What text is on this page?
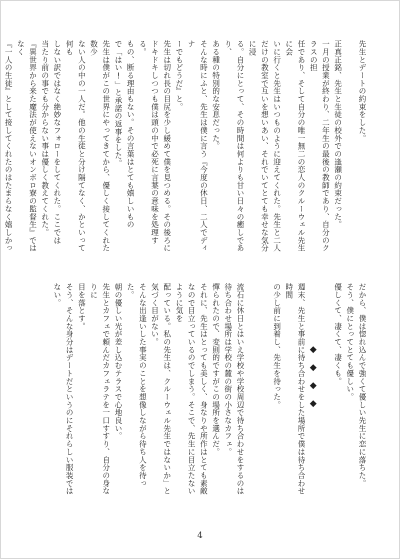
先生とデートの約束をした。

正真正銘、先生と生徒の校外での逢瀬の約束だった。
一月の授業が終わり、二年生の最後の教師であり、自分のクラスの担
任であり、そして自分の唯一無二の恋人のクルーウェル先生に会
いに行くと先生はいつものように迎えてくれた。先生と二人
だけの教室で互いを想いあい、それでいてとても幸せな気分に浸
る。自分にとって、その時間は何よりも甘い日々の癒しであり、
ある種の特別的な安息だった。
そんな時にふと、先生は僕に言う『今度の休日、二人でディナ
ーでもどうだ』と。
先生は切れ長の目尻を少し緩めて僕を見つめる。その後ろに
ドキドキしつつも僕は頭の中で必死に言葉の意味を処理する。
もの、断る理由もない。その言葉はとても嬉しいもの
で「はい!」と承諾の返事をした。
先生は僕がこの世界にやってきてから、優しく接してくれた数少
ない人の中の一人だ。他の生徒と分け隔てなく、かといって何も
しない訳ではなく絶妙なフォローをしてくれた。ここでは
当たり前の事でも分からない事は優しく教えてくれた。
『異世界から来た魔法が使えないオンボロ寮の監督生』ではなく
『一人の生徒』として接してくれたのはたまらなく嬉しかっ
だから、僕は惚れ込んで強くて優しい先生に恋に落ちた。
そう、僕にとってとても優しい。
優しくて、凄くて、凄くも。

◆◆◆◆
週末、先生と事前に待ち合わせをした場所で僕は待ち合わせ時間
の少し前に到着し、先生を待った。

流石に休日とはいえ学校や学校周辺で待ち合わせをするのは
待ち合わせ場所は学校の麓の街の小さなカフェ。
憚られたので、変則的ですがこの場所を選んだ。
それに、先生はとっても美しく、身なりや所作はとても素敵
なので目立っているのでしまう。そこで、先生に目立たないように気を
配っている。私の先生は、クルーウェル先生ではないか」と
気づく目がない。
そんな出逢いした事実のことを想像しながら待ち人を待った。
朝の優しい光が差し込むテラスで心地良い。
先生とカフェで頼んだカフェラテを一口すすり、自分の身なりに
目を落とす。
そう、そんな身分はデートだというのにそれらしい服装ではない。
4
